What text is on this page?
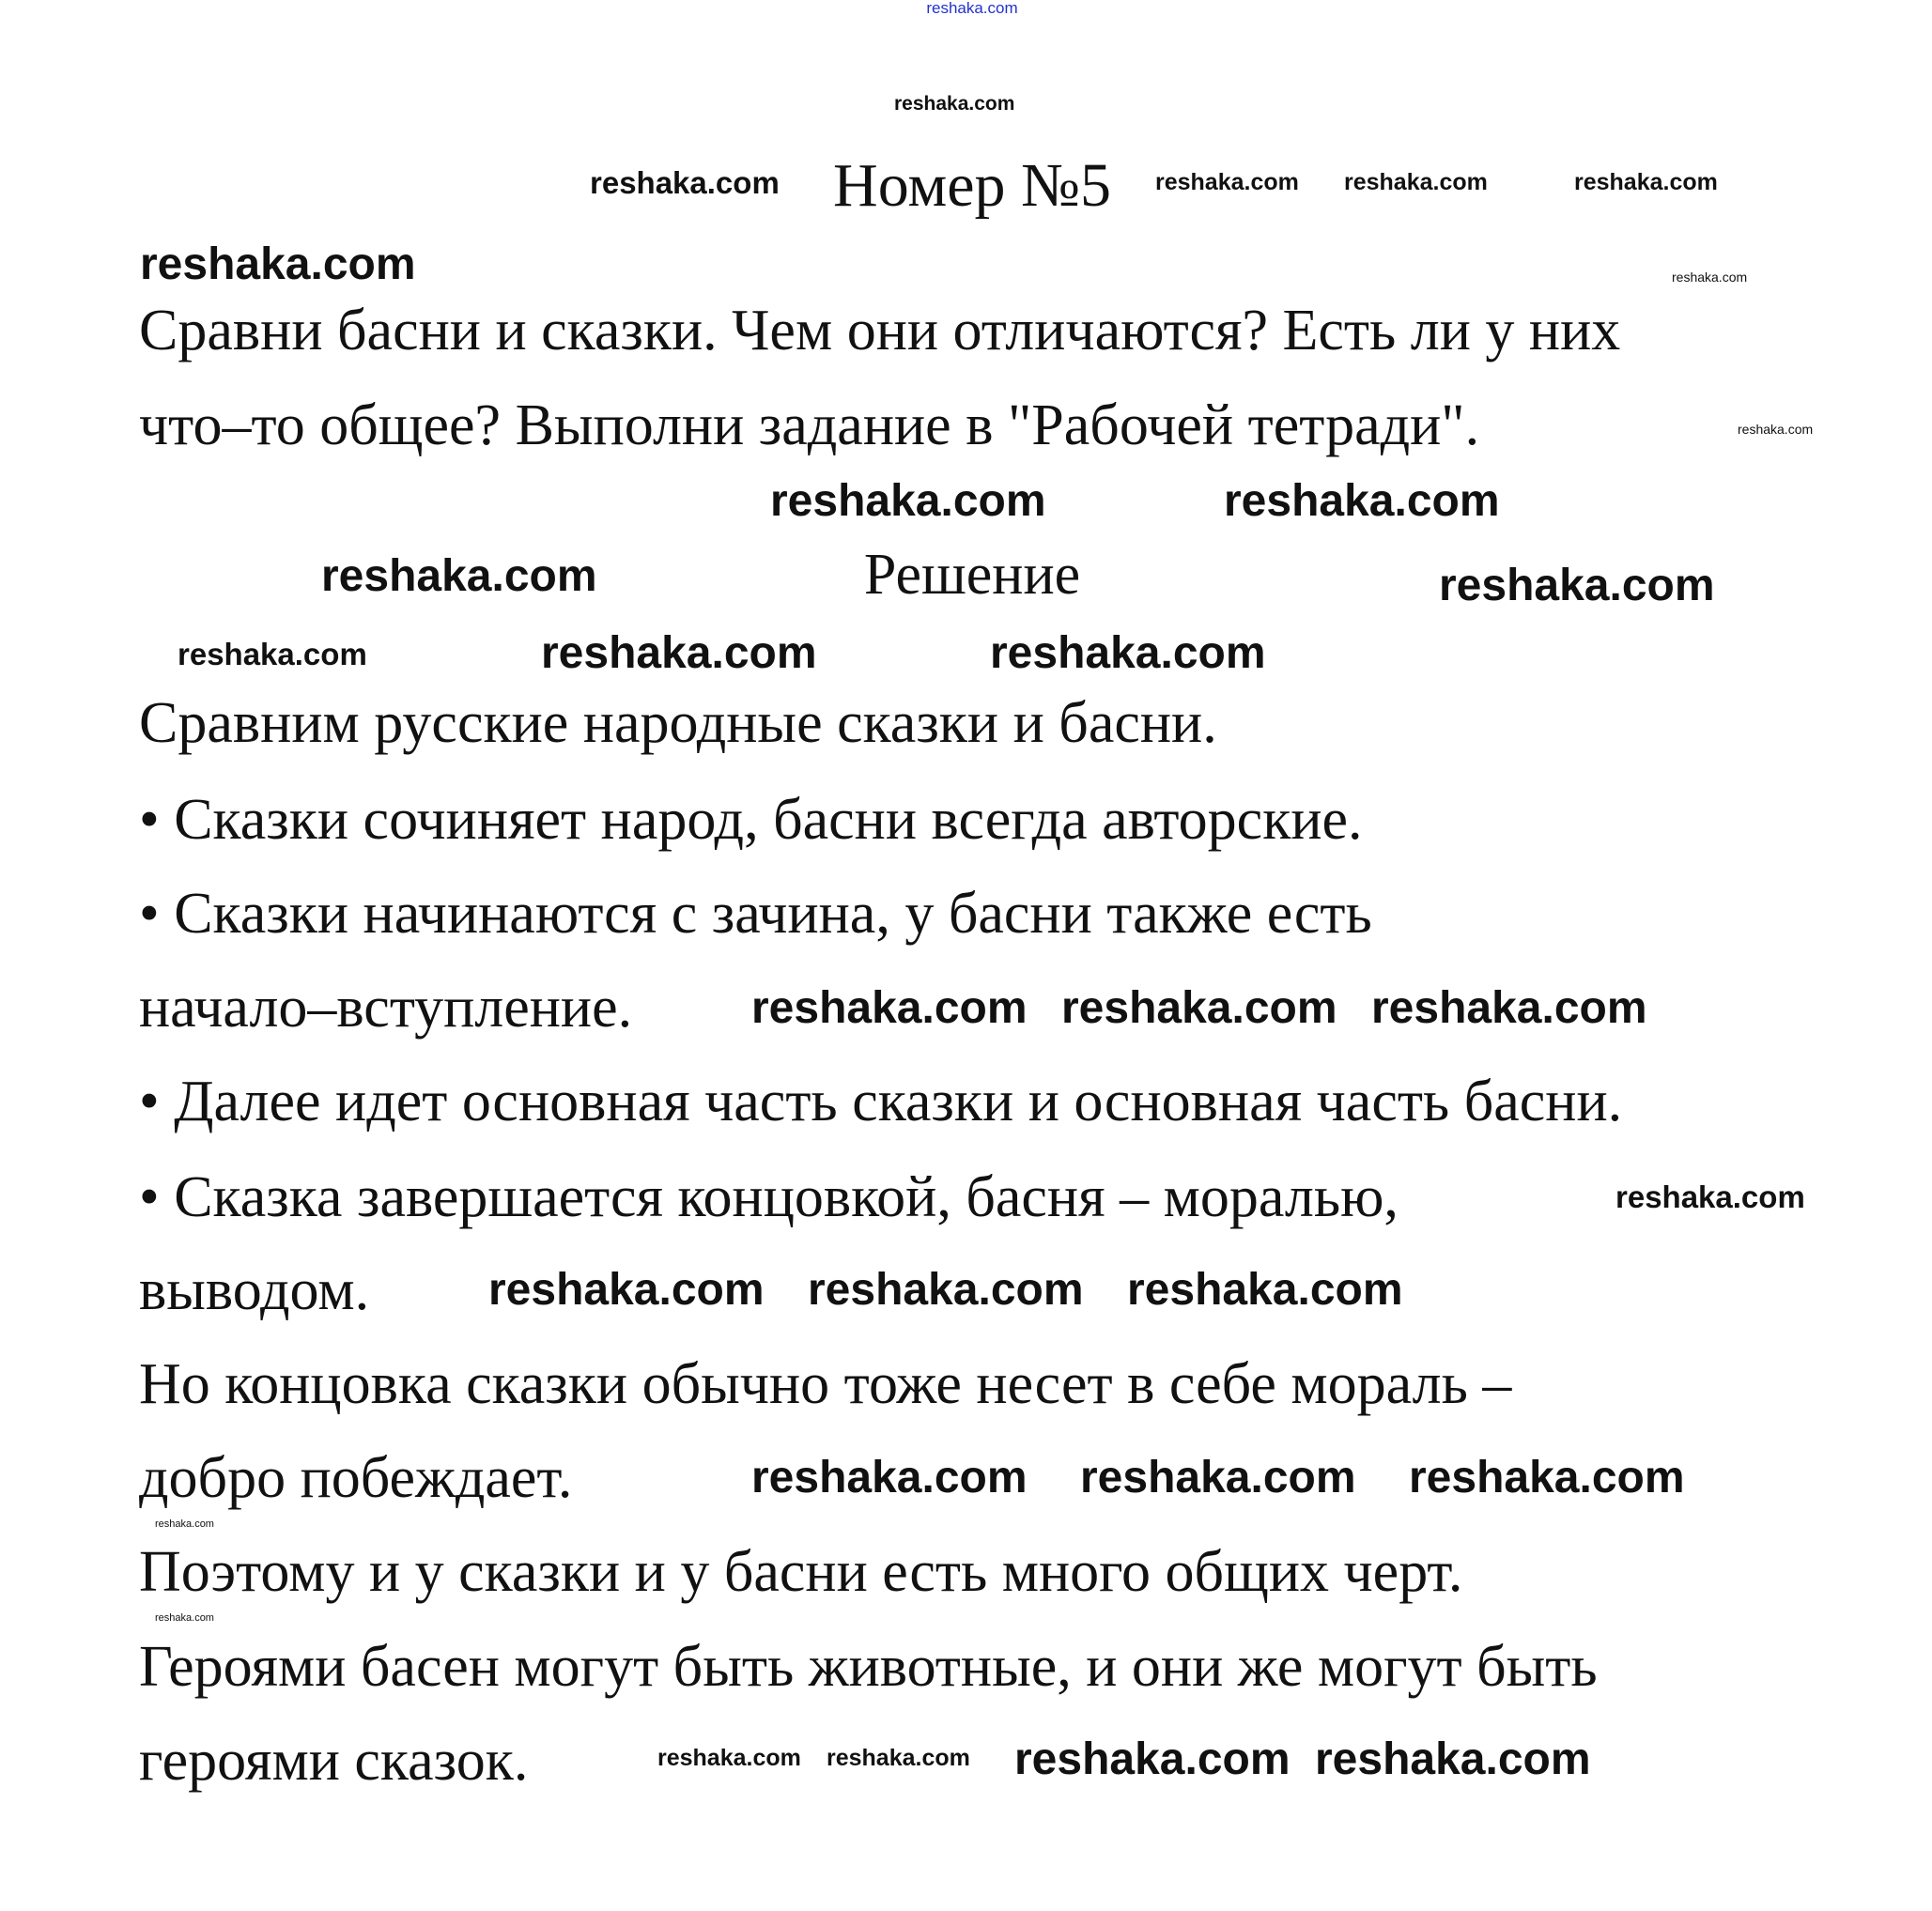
reshaka.com
Номер №5
Сравни басни и сказки. Чем они отличаются? Есть ли у них
что–то общее? Выполни задание в "Рабочей тетради".
Решение
Сравним русские народные сказки и басни.
• Сказки сочиняет народ, басни всегда авторские.
• Сказки начинаются с зачина, у басни также есть
начало–вступление.
• Далее идет основная часть сказки и основная часть басни.
• Сказка завершается концовкой, басня – моралью,
выводом.
Но концовка сказки обычно тоже несет в себе мораль –
добро побеждает.
Поэтому и у сказки и у басни есть много общих черт.
Героями басен могут быть животные, и они же могут быть
героями сказок.
reshaka.com
reshaka.com
reshaka.com reshaka.com	reshaka.com
reshaka.com	reshaka.com
reshaka.com
reshaka.com	reshaka.com
reshaka.com	reshaka.com
reshaka.com	reshaka.com	reshaka.com
reshaka.com reshaka.com reshaka.com
reshaka.com
reshaka.com reshaka.com reshaka.com
reshaka.com reshaka.com reshaka.com
reshaka.com
reshaka.com
reshaka.com reshaka.com reshaka.com reshaka.com
